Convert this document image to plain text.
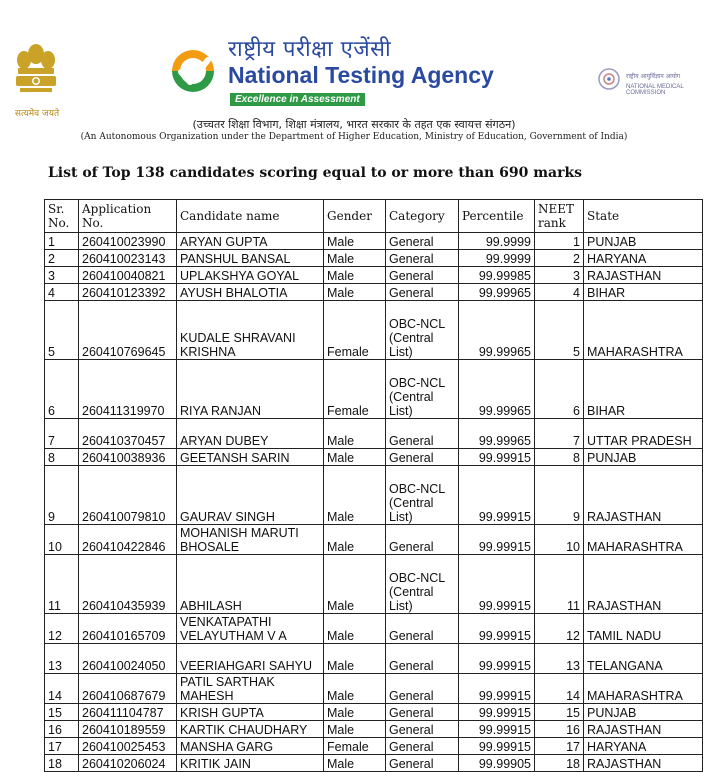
सत्यमेव जयते
राष्ट्रीय परीक्षा एजेंसी
National Testing Agency
Excellence in Assessment
राष्ट्रीय आयुर्विज्ञान आयोग
NATIONAL MEDICAL COMMISSION
(उच्चतर शिक्षा विभाग, शिक्षा मंत्रालय, भारत सरकार के तहत एक स्वायत्त संगठन)
(An Autonomous Organization under the Department of Higher Education, Ministry of Education, Government of India)
List of Top 138 candidates scoring equal to or more than 690 marks
Sr. No.	Application No.	Candidate name	Gender	Category	Percentile	NEET rank	State
1	260410023990	ARYAN GUPTA	Male	General	99.9999	1	PUNJAB
2	260410023143	PANSHUL BANSAL	Male	General	99.9999	2	HARYANA
3	260410040821	UPLAKSHYA GOYAL	Male	General	99.99985	3	RAJASTHAN
4	260410123392	AYUSH BHALOTIA	Male	General	99.99965	4	BIHAR
5	260410769645	KUDALE SHRAVANI KRISHNA	Female	OBC-NCL (Central List)	99.99965	5	MAHARASHTRA
6	260411319970	RIYA RANJAN	Female	OBC-NCL (Central List)	99.99965	6	BIHAR
7	260410370457	ARYAN DUBEY	Male	General	99.99965	7	UTTAR PRADESH
8	260410038936	GEETANSH SARIN	Male	General	99.99915	8	PUNJAB
9	260410079810	GAURAV SINGH	Male	OBC-NCL (Central List)	99.99915	9	RAJASTHAN
10	260410422846	MOHANISH MARUTI BHOSALE	Male	General	99.99915	10	MAHARASHTRA
11	260410435939	ABHILASH	Male	OBC-NCL (Central List)	99.99915	11	RAJASTHAN
12	260410165709	VENKATAPATHI VELAYUTHAM V A	Male	General	99.99915	12	TAMIL NADU
13	260410024050	VEERIAHGARI SAHYU	Male	General	99.99915	13	TELANGANA
14	260410687679	PATIL SARTHAK MAHESH	Male	General	99.99915	14	MAHARASHTRA
15	260411104787	KRISH GUPTA	Male	General	99.99915	15	PUNJAB
16	260410189559	KARTIK CHAUDHARY	Male	General	99.99915	16	RAJASTHAN
17	260410025453	MANSHA GARG	Female	General	99.99915	17	HARYANA
18	260410206024	KRITIK JAIN	Male	General	99.99905	18	RAJASTHAN
